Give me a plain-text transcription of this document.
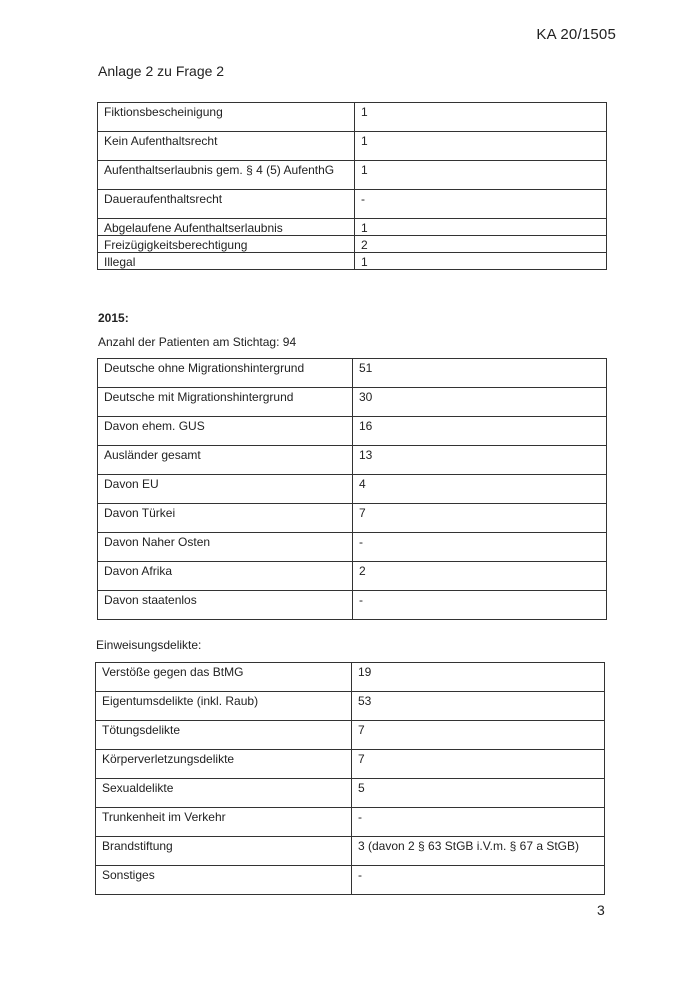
KA 20/1505
Anlage 2 zu Frage 2
Fiktionsbescheinigung	1
Kein Aufenthaltsrecht	1
Aufenthaltserlaubnis gem. § 4 (5) AufenthG	1
Daueraufenthaltsrecht	-
Abgelaufene Aufenthaltserlaubnis	1
Freizügigkeitsberechtigung	2
Illegal	1
2015:
Anzahl der Patienten am Stichtag: 94
Deutsche ohne Migrationshintergrund	51
Deutsche mit Migrationshintergrund	30
Davon ehem. GUS	16
Ausländer gesamt	13
Davon EU	4
Davon Türkei	7
Davon Naher Osten	-
Davon Afrika	2
Davon staatenlos	-
Einweisungsdelikte:
Verstöße gegen das BtMG	19
Eigentumsdelikte (inkl. Raub)	53
Tötungsdelikte	7
Körperverletzungsdelikte	7
Sexualdelikte	5
Trunkenheit im Verkehr	-
Brandstiftung	3 (davon 2 § 63 StGB i.V.m. § 67 a StGB)
Sonstiges	-
3
